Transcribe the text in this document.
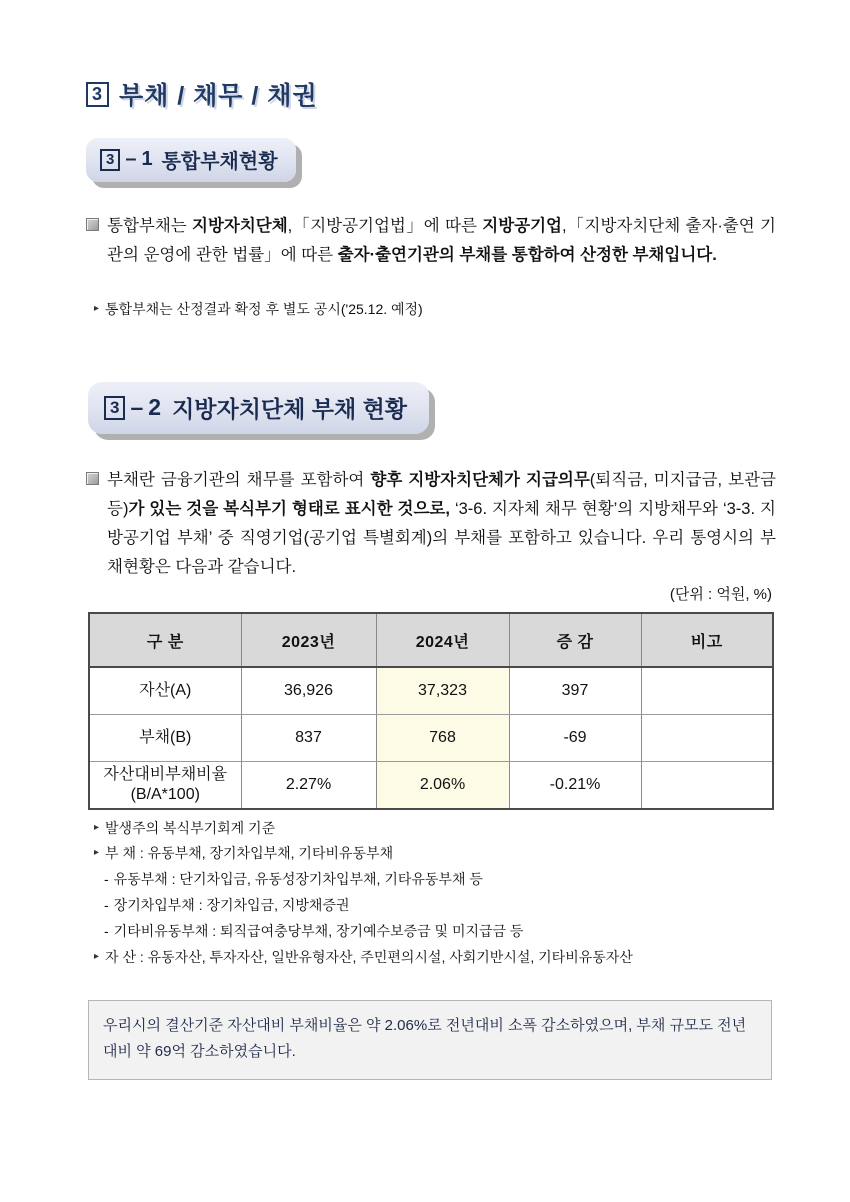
3 부채 / 채무 / 채권
3 – 1 통합부채현황
통합부채는 지방자치단체,「지방공기업법」에 따른 지방공기업,「지방자치단체 출자·출연 기관의 운영에 관한 법률」에 따른 출자·출연기관의 부채를 통합하여 산정한 부채입니다.
▸ 통합부채는 산정결과 확정 후 별도 공시('25.12. 예정)
3 – 2 지방자치단체 부채 현황
부채란 금융기관의 채무를 포함하여 향후 지방자치단체가 지급의무(퇴직금, 미지급금, 보관금 등)가 있는 것을 복식부기 형태로 표시한 것으로, ‘3-6. 지자체 채무 현황’의 지방채무와 ‘3-3. 지방공기업 부채’ 중 직영기업(공기업 특별회계)의 부채를 포함하고 있습니다. 우리 통영시의 부채현황은 다음과 같습니다.
(단위 : 억원, %)
구 분	2023년	2024년	증 감	비고
자산(A)	36,926	37,323	397	
부채(B)	837	768	-69	

자산대비부채비율
(B/A*100)	2.27%	2.06%	-0.21%	
▸ 발생주의 복식부기회계 기준
▸ 부 채 : 유동부채, 장기차입부채, 기타비유동부채
- 유동부채 : 단기차입금, 유동성장기차입부채, 기타유동부채 등
- 장기차입부채 : 장기차입금, 지방채증권
- 기타비유동부채 : 퇴직급여충당부채, 장기예수보증금 및 미지급금 등
▸ 자 산 : 유동자산, 투자자산, 일반유형자산, 주민편의시설, 사회기반시설, 기타비유동자산
우리시의 결산기준 자산대비 부채비율은 약 2.06%로 전년대비 소폭 감소하였으며, 부채 규모도 전년대비 약 69억 감소하였습니다.
